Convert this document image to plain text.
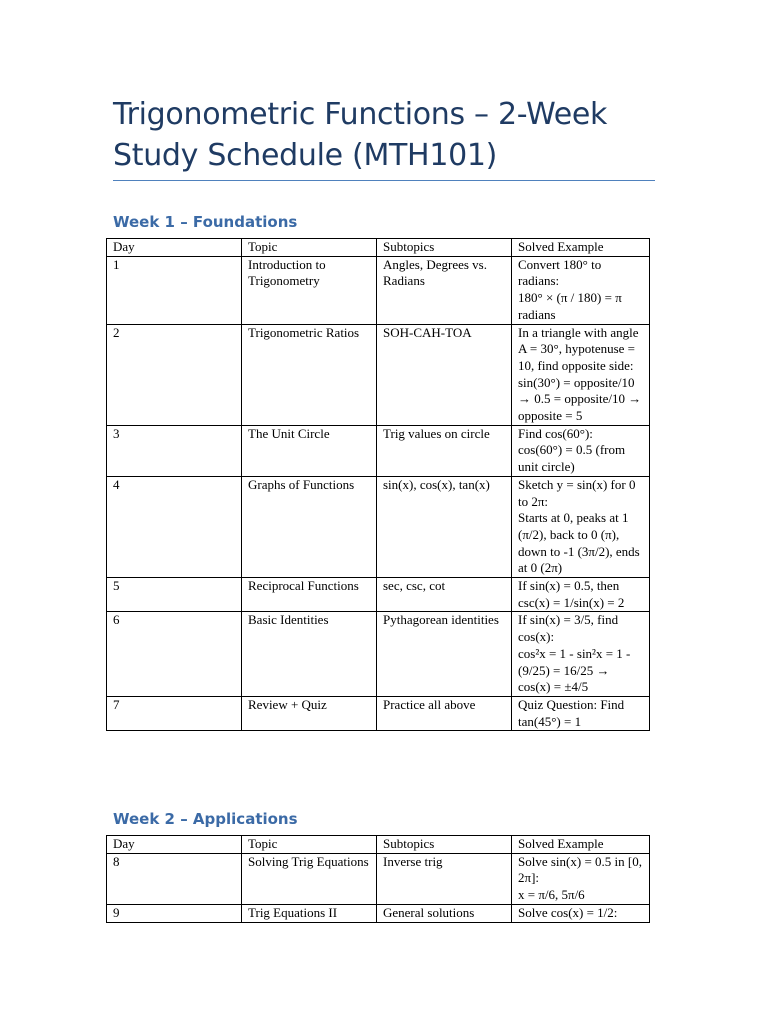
Trigonometric Functions – 2-Week Study Schedule (MTH101)
Week 1 – Foundations
Day	Topic	Subtopics	Solved Example
1	Introduction to Trigonometry	Angles, Degrees vs. Radians	Convert 180° to radians:
180° × (π / 180) = π radians

2	Trigonometric Ratios	SOH-CAH-TOA	In a triangle with angle A = 30°, hypotenuse = 10, find opposite side: sin(30°) = opposite/10 → 0.5 = opposite/10 → opposite = 5

3	The Unit Circle	Trig values on circle	Find cos(60°):
cos(60°) = 0.5 (from unit circle)

4	Graphs of Functions	sin(x), cos(x), tan(x)	Sketch y = sin(x) for 0 to 2π:
Starts at 0, peaks at 1 (π/2), back to 0 (π), down to -1 (3π/2), ends at 0 (2π)

5	Reciprocal Functions	sec, csc, cot	If sin(x) = 0.5, then csc(x) = 1/sin(x) = 2

6	Basic Identities	Pythagorean identities	If sin(x) = 3/5, find cos(x):
cos²x = 1 - sin²x = 1 - (9/25) = 16/25 → cos(x) = ±4/5

7	Review + Quiz	Practice all above	Quiz Question: Find tan(45°) = 1
Week 2 – Applications
Day	Topic	Subtopics	Solved Example
8	Solving Trig Equations	Inverse trig	Solve sin(x) = 0.5 in [0, 2π]:
x = π/6, 5π/6

9	Trig Equations II	General solutions	Solve cos(x) = 1/2:
